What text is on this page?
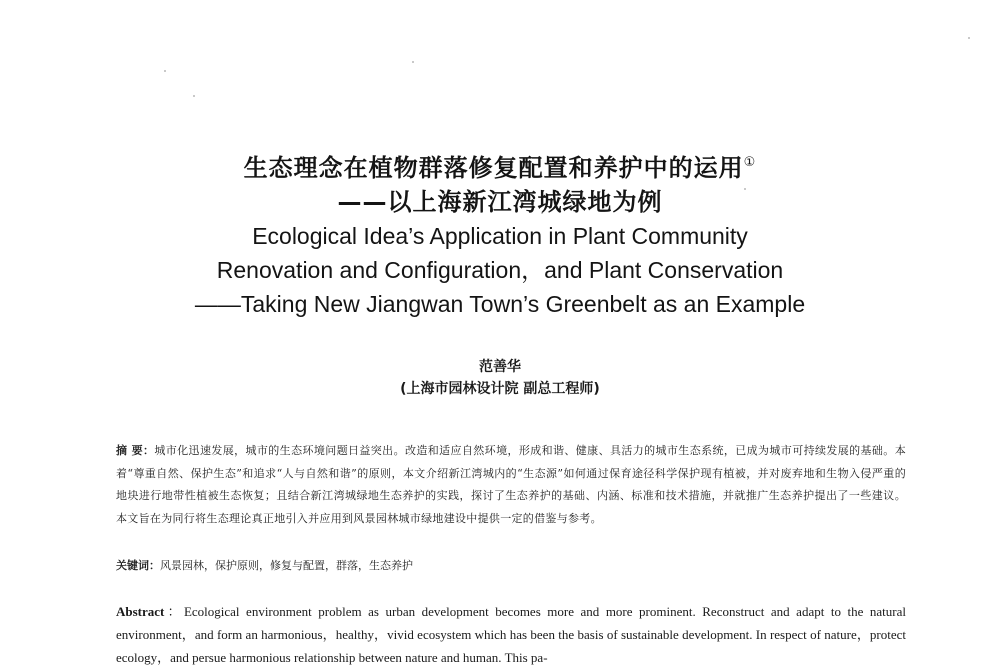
生态理念在植物群落修复配置和养护中的运用①
——以上海新江湾城绿地为例
Ecological Idea’s Application in Plant Community
Renovation and Configuration，and Plant Conservation
——Taking New Jiangwan Town’s Greenbelt as an Example
范善华
(上海市园林设计院 副总工程师)
摘 要：城市化迅速发展，城市的生态环境问题日益突出。改造和适应自然环境，形成和谐、健康、具活力的城市生态系统，已成为城市可持续发展的基础。本着“尊重自然、保护生态”和追求“人与自然和谐”的原则，本文介绍新江湾城内的“生态源”如何通过保育途径科学保护现有植被，并对废弃地和生物入侵严重的地块进行地带性植被生态恢复；且结合新江湾城绿地生态养护的实践，探讨了生态养护的基础、内涵、标准和技术措施，并就推广生态养护提出了一些建议。本文旨在为同行将生态理论真正地引入并应用到风景园林城市绿地建设中提供一定的借鉴与参考。
关键词：风景园林，保护原则，修复与配置，群落，生态养护
Abstract：Ecological environment problem as urban development becomes more and more prominent. Reconstruct and adapt to the natural environment，and form an harmonious，healthy，vivid ecosystem which has been the basis of sustainable development. In respect of nature，protect ecology，and persue harmonious relationship between nature and human. This pa-
